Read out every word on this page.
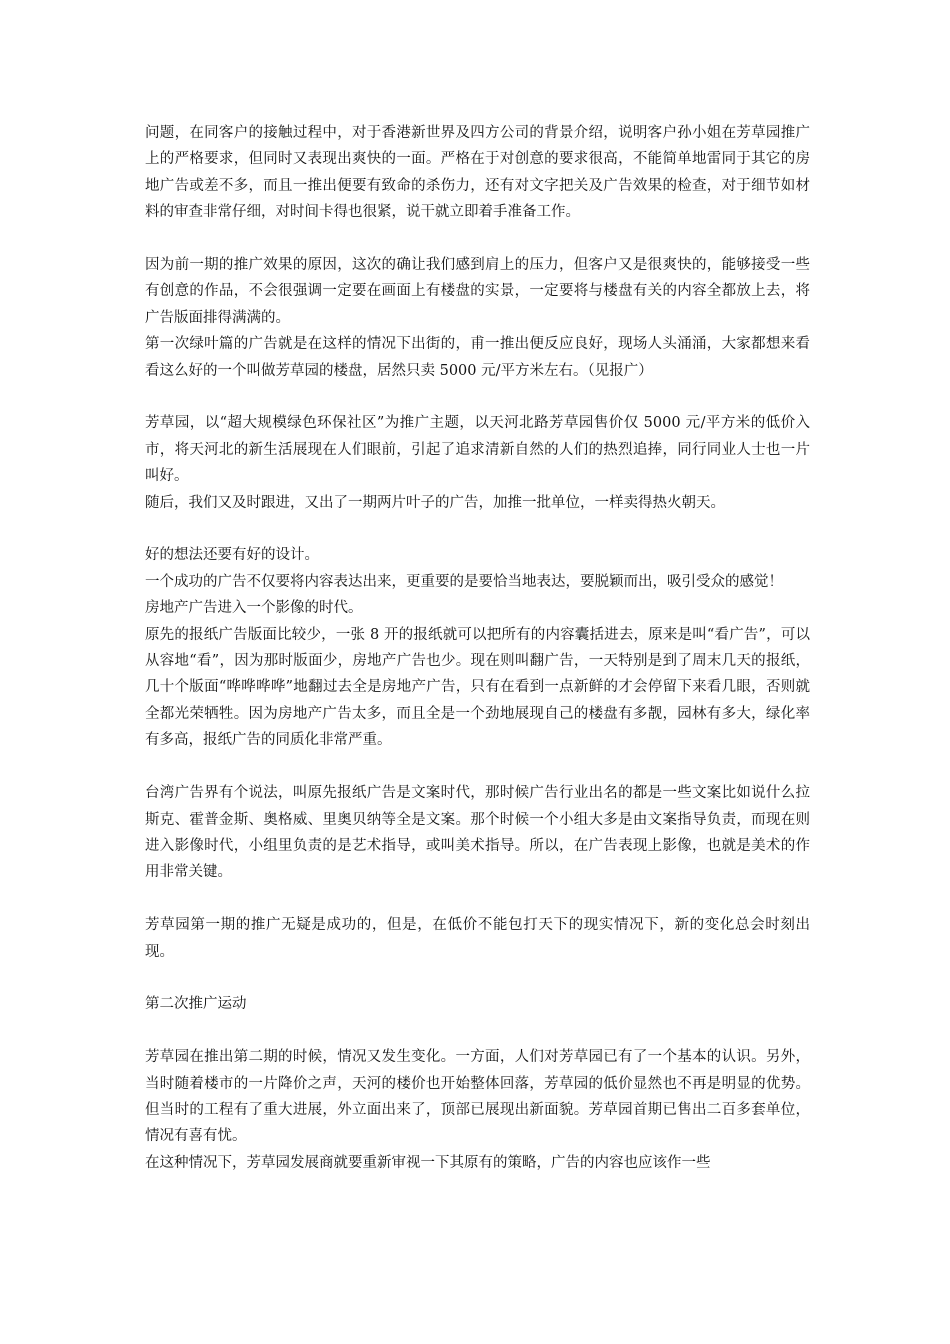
问题，在同客户的接触过程中，对于香港新世界及四方公司的背景介绍，说明客户孙小姐在芳草园推广上的严格要求，但同时又表现出爽快的一面。严格在于对创意的要求很高，不能简单地雷同于其它的房地广告或差不多，而且一推出便要有致命的杀伤力，还有对文字把关及广告效果的检查，对于细节如材料的审查非常仔细，对时间卡得也很紧，说干就立即着手准备工作。

因为前一期的推广效果的原因，这次的确让我们感到肩上的压力，但客户又是很爽快的，能够接受一些有创意的作品，不会很强调一定要在画面上有楼盘的实景，一定要将与楼盘有关的内容全都放上去，将广告版面排得满满的。

第一次绿叶篇的广告就是在这样的情况下出街的，甫一推出便反应良好，现场人头涌涌，大家都想来看看这么好的一个叫做芳草园的楼盘，居然只卖 5000 元/平方米左右。（见报广）

芳草园，以“超大规模绿色环保社区”为推广主题，以天河北路芳草园售价仅 5000 元/平方米的低价入市，将天河北的新生活展现在人们眼前，引起了追求清新自然的人们的热烈追捧，同行同业人士也一片叫好。

随后，我们又及时跟进，又出了一期两片叶子的广告，加推一批单位，一样卖得热火朝天。

好的想法还要有好的设计。

一个成功的广告不仅要将内容表达出来，更重要的是要恰当地表达，要脱颖而出，吸引受众的感觉！

房地产广告进入一个影像的时代。

原先的报纸广告版面比较少，一张 8 开的报纸就可以把所有的内容囊括进去，原来是叫“看广告”，可以从容地“看”，因为那时版面少，房地产广告也少。现在则叫翻广告，一天特别是到了周末几天的报纸，几十个版面“哗哗哗哗”地翻过去全是房地产广告，只有在看到一点新鲜的才会停留下来看几眼，否则就全都光荣牺牲。因为房地产广告太多，而且全是一个劲地展现自己的楼盘有多靓，园林有多大，绿化率有多高，报纸广告的同质化非常严重。

台湾广告界有个说法，叫原先报纸广告是文案时代，那时候广告行业出名的都是一些文案比如说什么拉斯克、霍普金斯、奥格威、里奥贝纳等全是文案。那个时候一个小组大多是由文案指导负责，而现在则进入影像时代，小组里负责的是艺术指导，或叫美术指导。所以，在广告表现上影像，也就是美术的作用非常关键。

芳草园第一期的推广无疑是成功的，但是，在低价不能包打天下的现实情况下，新的变化总会时刻出现。

第二次推广运动

芳草园在推出第二期的时候，情况又发生变化。一方面，人们对芳草园已有了一个基本的认识。另外，当时随着楼市的一片降价之声，天河的楼价也开始整体回落，芳草园的低价显然也不再是明显的优势。但当时的工程有了重大进展，外立面出来了，顶部已展现出新面貌。芳草园首期已售出二百多套单位，情况有喜有忧。

在这种情况下，芳草园发展商就要重新审视一下其原有的策略，广告的内容也应该作一些
